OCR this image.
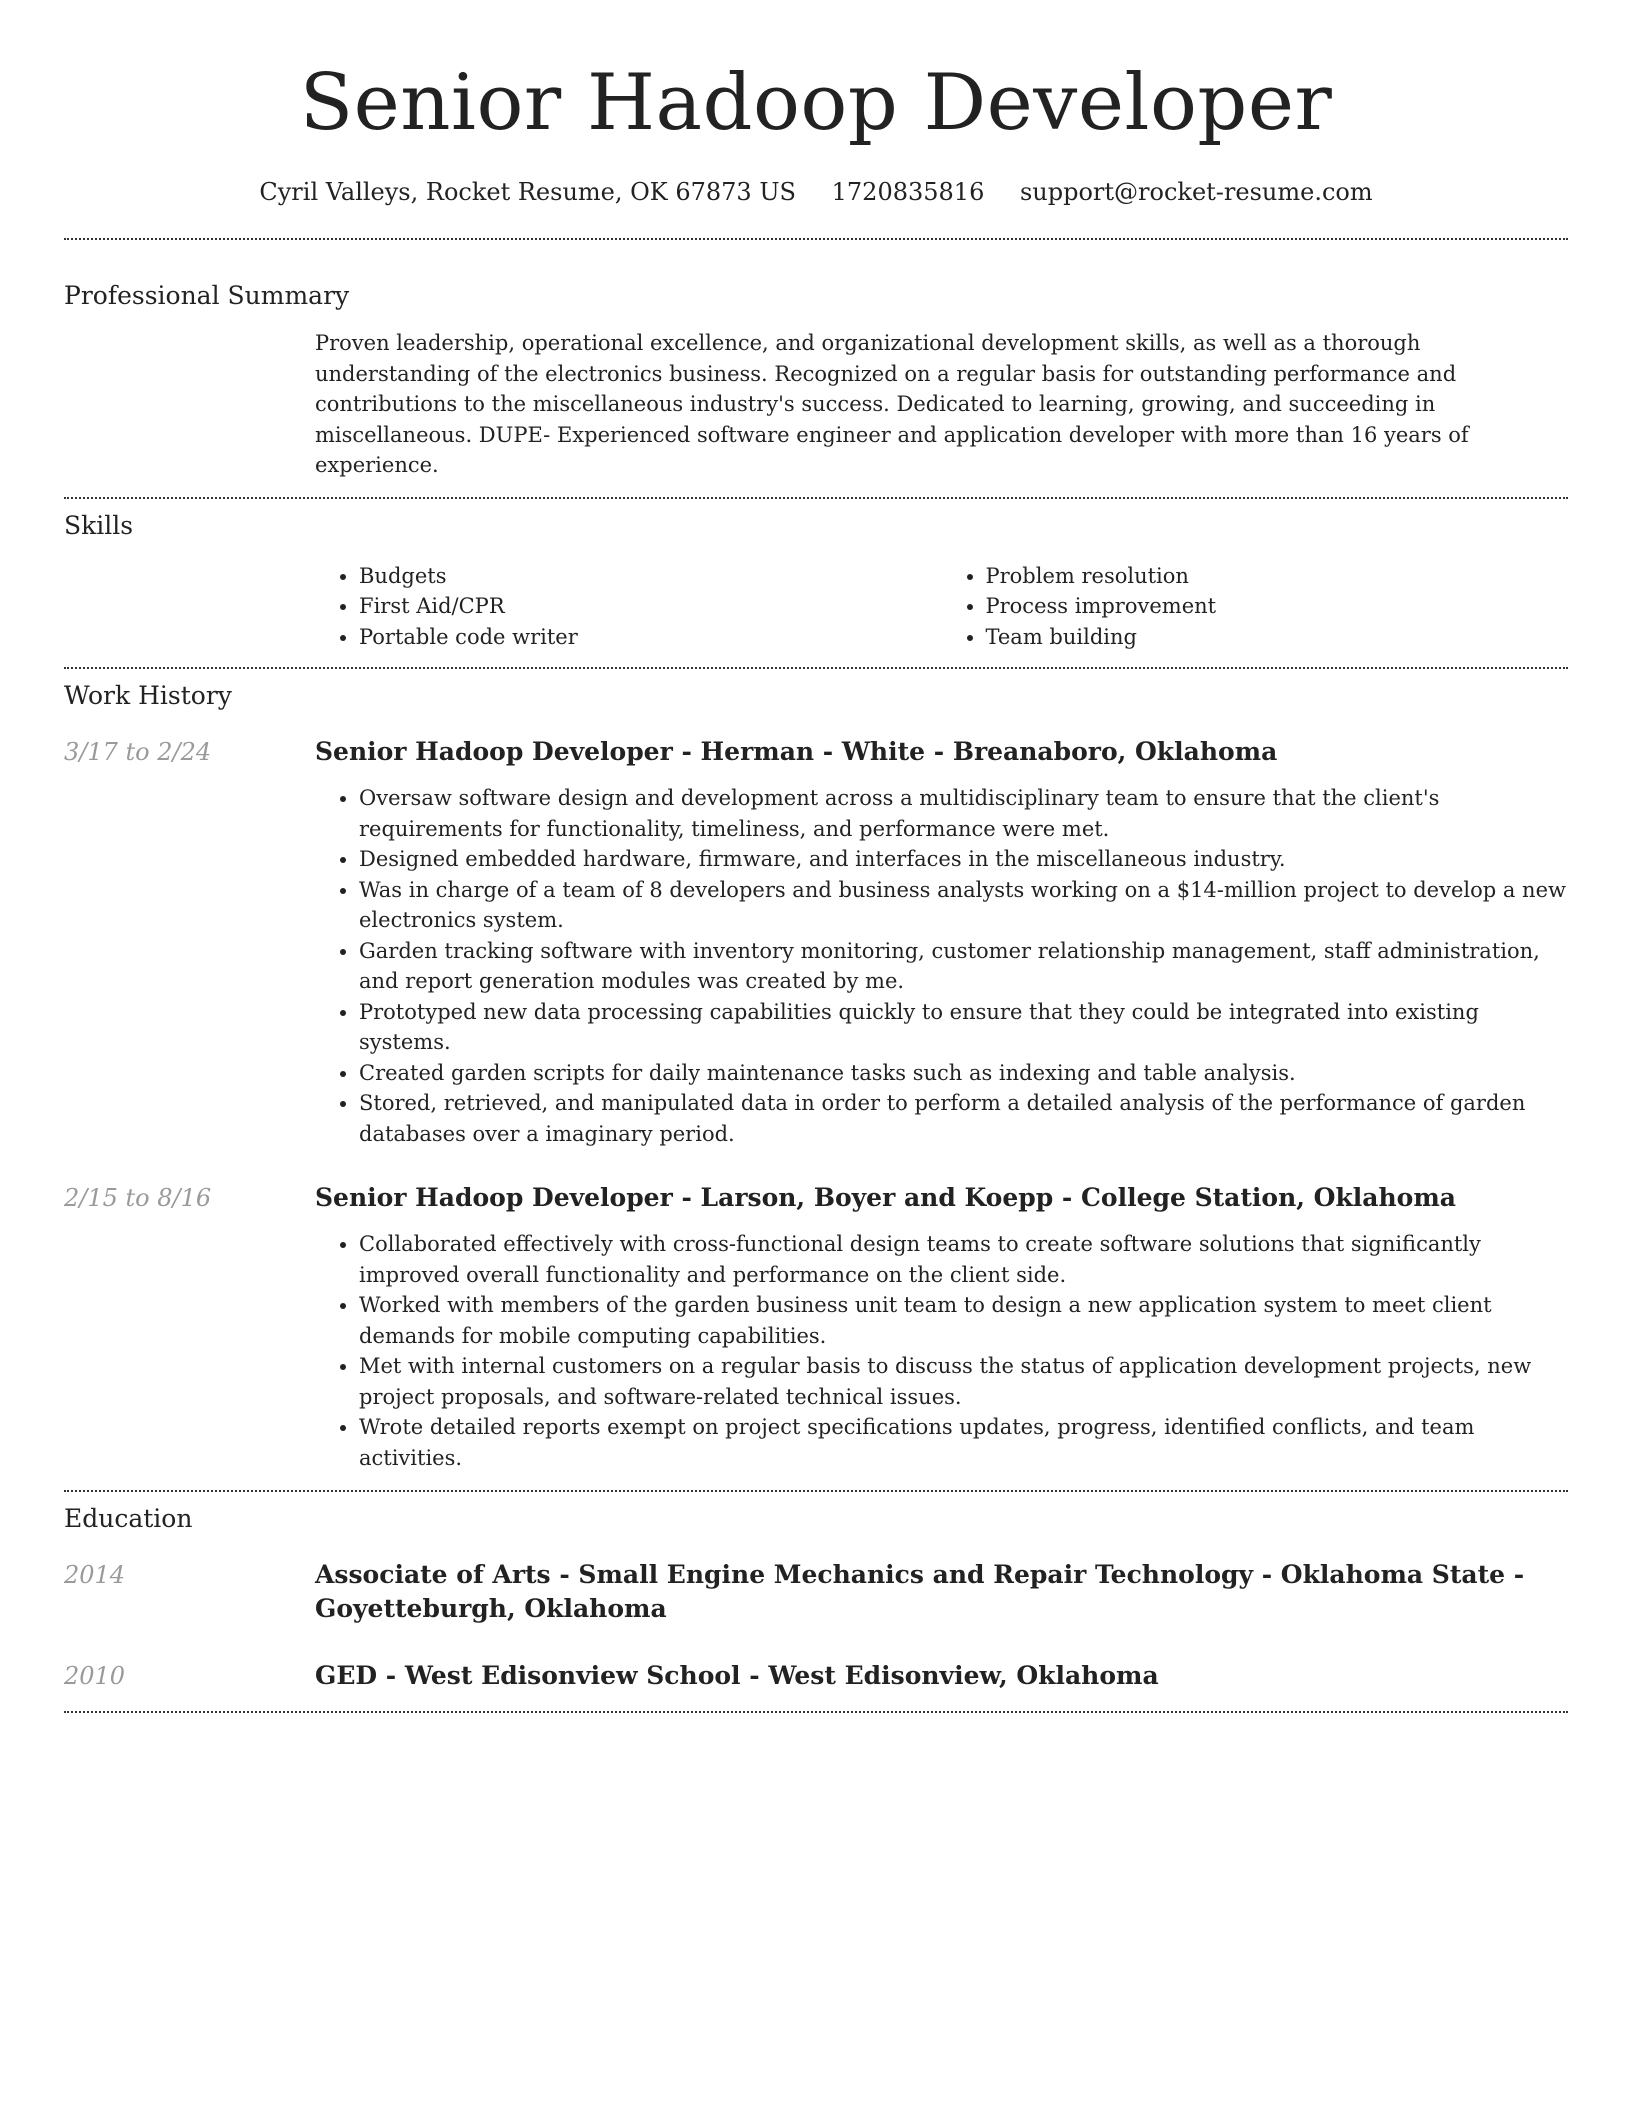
Senior Hadoop Developer
Cyril Valleys, Rocket Resume, OK 67873 US 1720835816 support@rocket-resume.com
Professional Summary

Proven leadership, operational excellence, and organizational development skills, as well as a thorough understanding of the electronics business. Recognized on a regular basis for outstanding performance and contributions to the miscellaneous industry's success. Dedicated to learning, growing, and succeeding in miscellaneous. DUPE- Experienced software engineer and application developer with more than 16 years of experience.

Skills
• Budgets
• First Aid/CPR
• Portable code writer
• Problem resolution
• Process improvement
• Team building
Work History
3/17 to 2/24	Senior Hadoop Developer - Herman - White - Breanaboro, Oklahoma
• Oversaw software design and development across a multidisciplinary team to ensure that the client's requirements for functionality, timeliness, and performance were met.
• Designed embedded hardware, firmware, and interfaces in the miscellaneous industry.
• Was in charge of a team of 8 developers and business analysts working on a $14-million project to develop a new electronics system.
• Garden tracking software with inventory monitoring, customer relationship management, staff administration, and report generation modules was created by me.
• Prototyped new data processing capabilities quickly to ensure that they could be integrated into existing systems.
• Created garden scripts for daily maintenance tasks such as indexing and table analysis.
• Stored, retrieved, and manipulated data in order to perform a detailed analysis of the performance of garden databases over a imaginary period.
2/15 to 8/16	Senior Hadoop Developer - Larson, Boyer and Koepp - College Station, Oklahoma
• Collaborated effectively with cross-functional design teams to create software solutions that significantly improved overall functionality and performance on the client side.
• Worked with members of the garden business unit team to design a new application system to meet client demands for mobile computing capabilities.
• Met with internal customers on a regular basis to discuss the status of application development projects, new project proposals, and software-related technical issues.
• Wrote detailed reports exempt on project specifications updates, progress, identified conflicts, and team activities.
Education
2014	Associate of Arts - Small Engine Mechanics and Repair Technology - Oklahoma State - Goyetteburgh, Oklahoma
2010	GED - West Edisonview School - West Edisonview, Oklahoma
